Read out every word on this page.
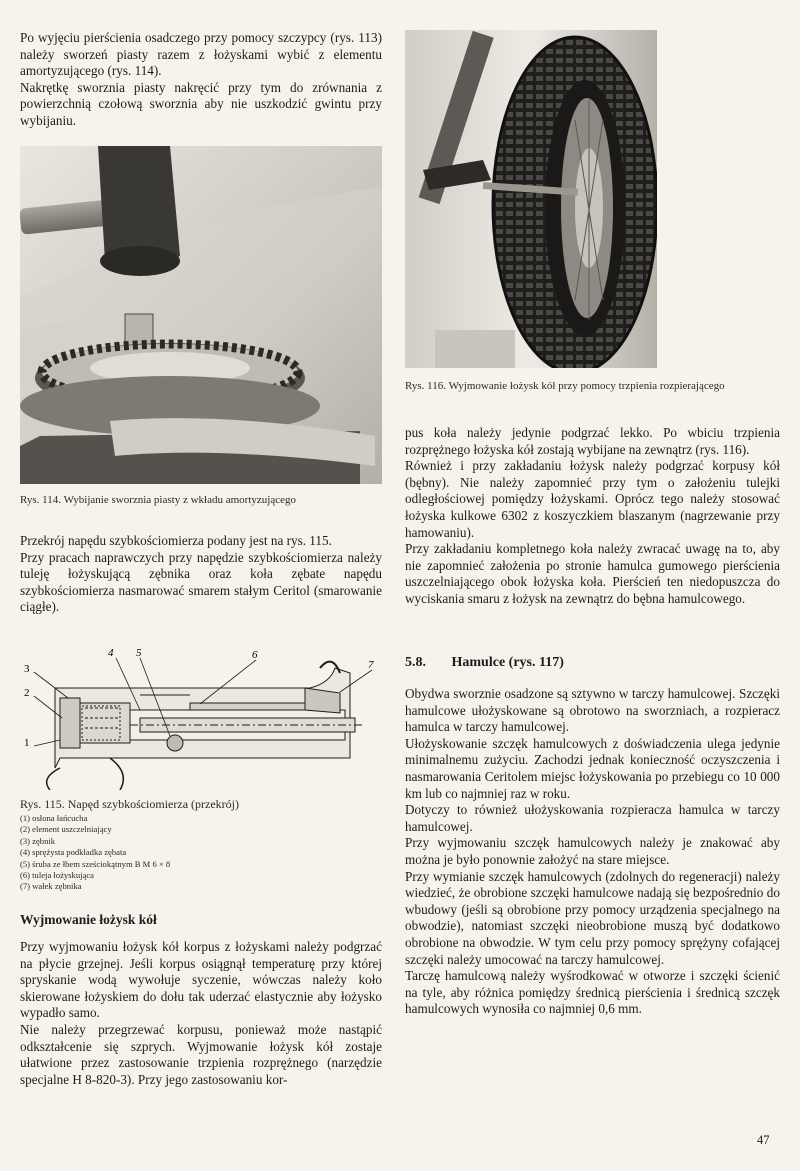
Po wyjęciu pierścienia osadczego przy pomocy szczypcy (rys. 113) należy sworzeń piasty razem z łożyskami wybić z elementu amortyzującego (rys. 114).

Nakrętkę sworznia piasty nakręcić przy tym do zrównania z powierzchnią czołową sworznia aby nie uszkodzić gwintu przy wybijaniu.

Rys. 114. Wybijanie sworznia piasty z wkładu amortyzującego

Przekrój napędu szybkościomierza podany jest na rys. 115.

Przy pracach naprawczych przy napędzie szybkościomierza należy tuleję łożyskującą zębnika oraz koła zębate napędu szybkościomierza nasmarować smarem stałym Ceritol (smarowanie ciągłe).

1
2
3
4 5	6
7
Rys. 115. Napęd szybkościomierza (przekrój)
(1) osłona łańcucha
(2) element uszczelniający
(3) zębnik
(4) sprężysta podkładka zębata
(5) śruba ze łbem sześciokątnym B M 6 × 8
(6) tuleja łożyskująca
(7) wałek zębnika
Wyjmowanie łożysk kół

Przy wyjmowaniu łożysk kół korpus z łożyskami należy podgrzać na płycie grzejnej. Jeśli korpus osiągnął temperaturę przy której spryskanie wodą wywołuje syczenie, wówczas należy koło skierowane łożyskiem do dołu tak uderzać elastycznie aby łożysko wypadło samo.

Nie należy przegrzewać korpusu, ponieważ może nastąpić odkształcenie się szprych. Wyjmowanie łożysk kół zostaje ułatwione przez zastosowanie trzpienia rozprężnego (narzędzie specjalne H 8-820-3). Przy jego zastosowaniu kor-

Rys. 116. Wyjmowanie łożysk kół przy pomocy trzpienia rozpierającego

pus koła należy jedynie podgrzać lekko. Po wbiciu trzpienia rozprężnego łożyska kół zostają wybijane na zewnątrz (rys. 116).

Również i przy zakładaniu łożysk należy podgrzać korpusy kół (bębny). Nie należy zapomnieć przy tym o założeniu tulejki odległościowej pomiędzy łożyskami. Oprócz tego należy stosować łożyska kulkowe 6302 z koszyczkiem blaszanym (nagrzewanie przy hamowaniu).

Przy zakładaniu kompletnego koła należy zwracać uwagę na to, aby nie zapomnieć założenia po stronie hamulca gumowego pierścienia uszczelniającego obok łożyska koła. Pierścień ten niedopuszcza do wyciskania smaru z łożysk na zewnątrz do bębna hamulcowego.

5.8. Hamulce (rys. 117)

Obydwa sworznie osadzone są sztywno w tarczy hamulcowej. Szczęki hamulcowe ułożyskowane są obrotowo na sworzniach, a rozpieracz hamulca w tarczy hamulcowej.

Ułożyskowanie szczęk hamulcowych z doświadczenia ulega jedynie minimalnemu zużyciu. Zachodzi jednak konieczność oczyszczenia i nasmarowania Ceritolem miejsc łożyskowania po przebiegu co 10 000 km lub co najmniej raz w roku.

Dotyczy to również ułożyskowania rozpieracza hamulca w tarczy hamulcowej.

Przy wyjmowaniu szczęk hamulcowych należy je znakować aby można je było ponownie założyć na stare miejsce.

Przy wymianie szczęk hamulcowych (zdolnych do regeneracji) należy wiedzieć, że obrobione szczęki hamulcowe nadają się bezpośrednio do wbudowy (jeśli są obrobione przy pomocy urządzenia specjalnego na obwodzie), natomiast szczęki nieobrobione muszą być dodatkowo obrobione na obwodzie. W tym celu przy pomocy sprężyny cofającej szczęki należy umocować na tarczy hamulcowej.

Tarczę hamulcową należy wyśrodkować w otworze i szczęki ścienić na tyle, aby różnica pomiędzy średnicą pierścienia i średnicą szczęk hamulcowych wynosiła co najmniej 0,6 mm.

47
